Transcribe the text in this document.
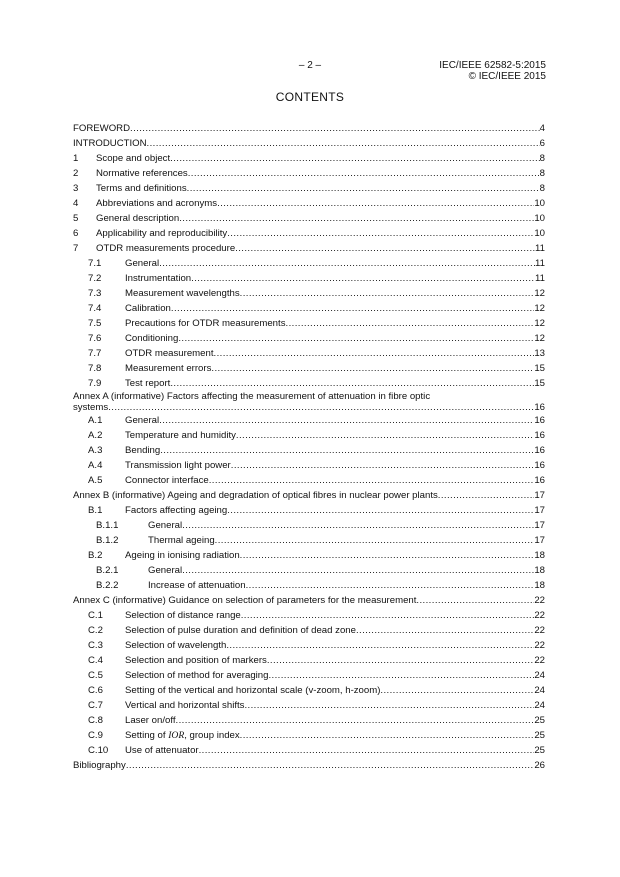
– 2 –	IEC/IEEE 62582-5:2015
© IEC/IEEE 2015
CONTENTS
FOREWORD .....	4
INTRODUCTION .....	6
1	Scope and object .....	8
2	Normative references .....	8
3	Terms and definitions .....	8
4	Abbreviations and acronyms .....	10
5	General description .....	10
6	Applicability and reproducibility .....	10
7	OTDR measurements procedure .....	11
7.1	General .....	11
7.2	Instrumentation .....	11
7.3	Measurement wavelengths .....	12
7.4	Calibration .....	12
7.5	Precautions for OTDR measurements .....	12
7.6	Conditioning .....	12
7.7	OTDR measurement .....	13
7.8	Measurement errors .....	15
7.9	Test report .....	15
Annex A (informative) Factors affecting the measurement of attenuation in fibre optic
systems .....	16
A.1	General .....	16
A.2	Temperature and humidity .....	16
A.3	Bending .....	16
A.4	Transmission light power .....	16
A.5	Connector interface .....	16
Annex B (informative) Ageing and degradation of optical fibres in nuclear power plants .....	17
B.1	Factors affecting ageing .....	17
B.1.1	General .....	17
B.1.2	Thermal ageing .....	17
B.2	Ageing in ionising radiation .....	18
B.2.1	General .....	18
B.2.2	Increase of attenuation .....	18
Annex C (informative) Guidance on selection of parameters for the measurement .....	22
C.1	Selection of distance range .....	22
C.2	Selection of pulse duration and definition of dead zone .....	22
C.3	Selection of wavelength .....	22
C.4	Selection and position of markers .....	22
C.5	Selection of method for averaging .....	24
C.6	Setting of the vertical and horizontal scale (v-zoom, h-zoom) .....	24
C.7	Vertical and horizontal shifts .....	24
C.8	Laser on/off .....	25
C.9	Setting of IOR, group index .....	25
C.10	Use of attenuator .....	25
Bibliography .....	26
